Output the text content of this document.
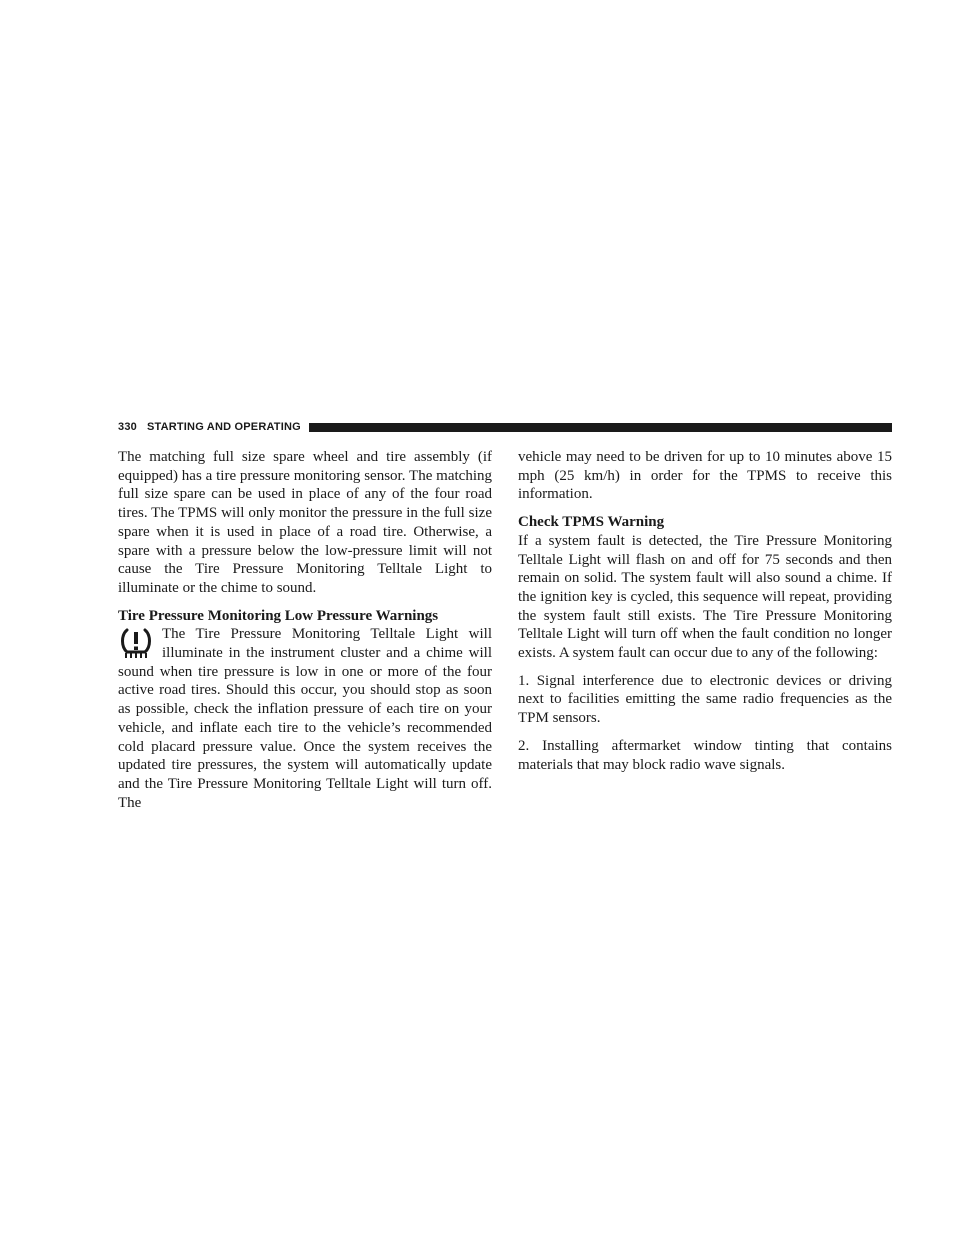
330 STARTING AND OPERATING

The matching full size spare wheel and tire assembly (if equipped) has a tire pressure monitoring sensor. The matching full size spare can be used in place of any of the four road tires. The TPMS will only monitor the pressure in the full size spare when it is used in place of a road tire. Otherwise, a spare with a pressure below the low-pressure limit will not cause the Tire Pressure Monitoring Telltale Light to illuminate or the chime to sound.

Tire Pressure Monitoring Low Pressure Warnings

The Tire Pressure Monitoring Telltale Light will illuminate in the instrument cluster and a chime will sound when tire pressure is low in one or more of the four active road tires. Should this occur, you should stop as soon as possible, check the inflation pressure of each tire on your vehicle, and inflate each tire to the vehicle’s recommended cold placard pressure value. Once the system receives the updated tire pressures, the system will automatically update and the Tire Pressure Monitoring Telltale Light will turn off. The

vehicle may need to be driven for up to 10 minutes above 15 mph (25 km/h) in order for the TPMS to receive this information.

Check TPMS Warning

If a system fault is detected, the Tire Pressure Monitoring Telltale Light will flash on and off for 75 seconds and then remain on solid. The system fault will also sound a chime. If the ignition key is cycled, this sequence will repeat, providing the system fault still exists. The Tire Pressure Monitoring Telltale Light will turn off when the fault condition no longer exists. A system fault can occur due to any of the following:

1. Signal interference due to electronic devices or driving next to facilities emitting the same radio frequencies as the TPM sensors.

2. Installing aftermarket window tinting that contains materials that may block radio wave signals.
